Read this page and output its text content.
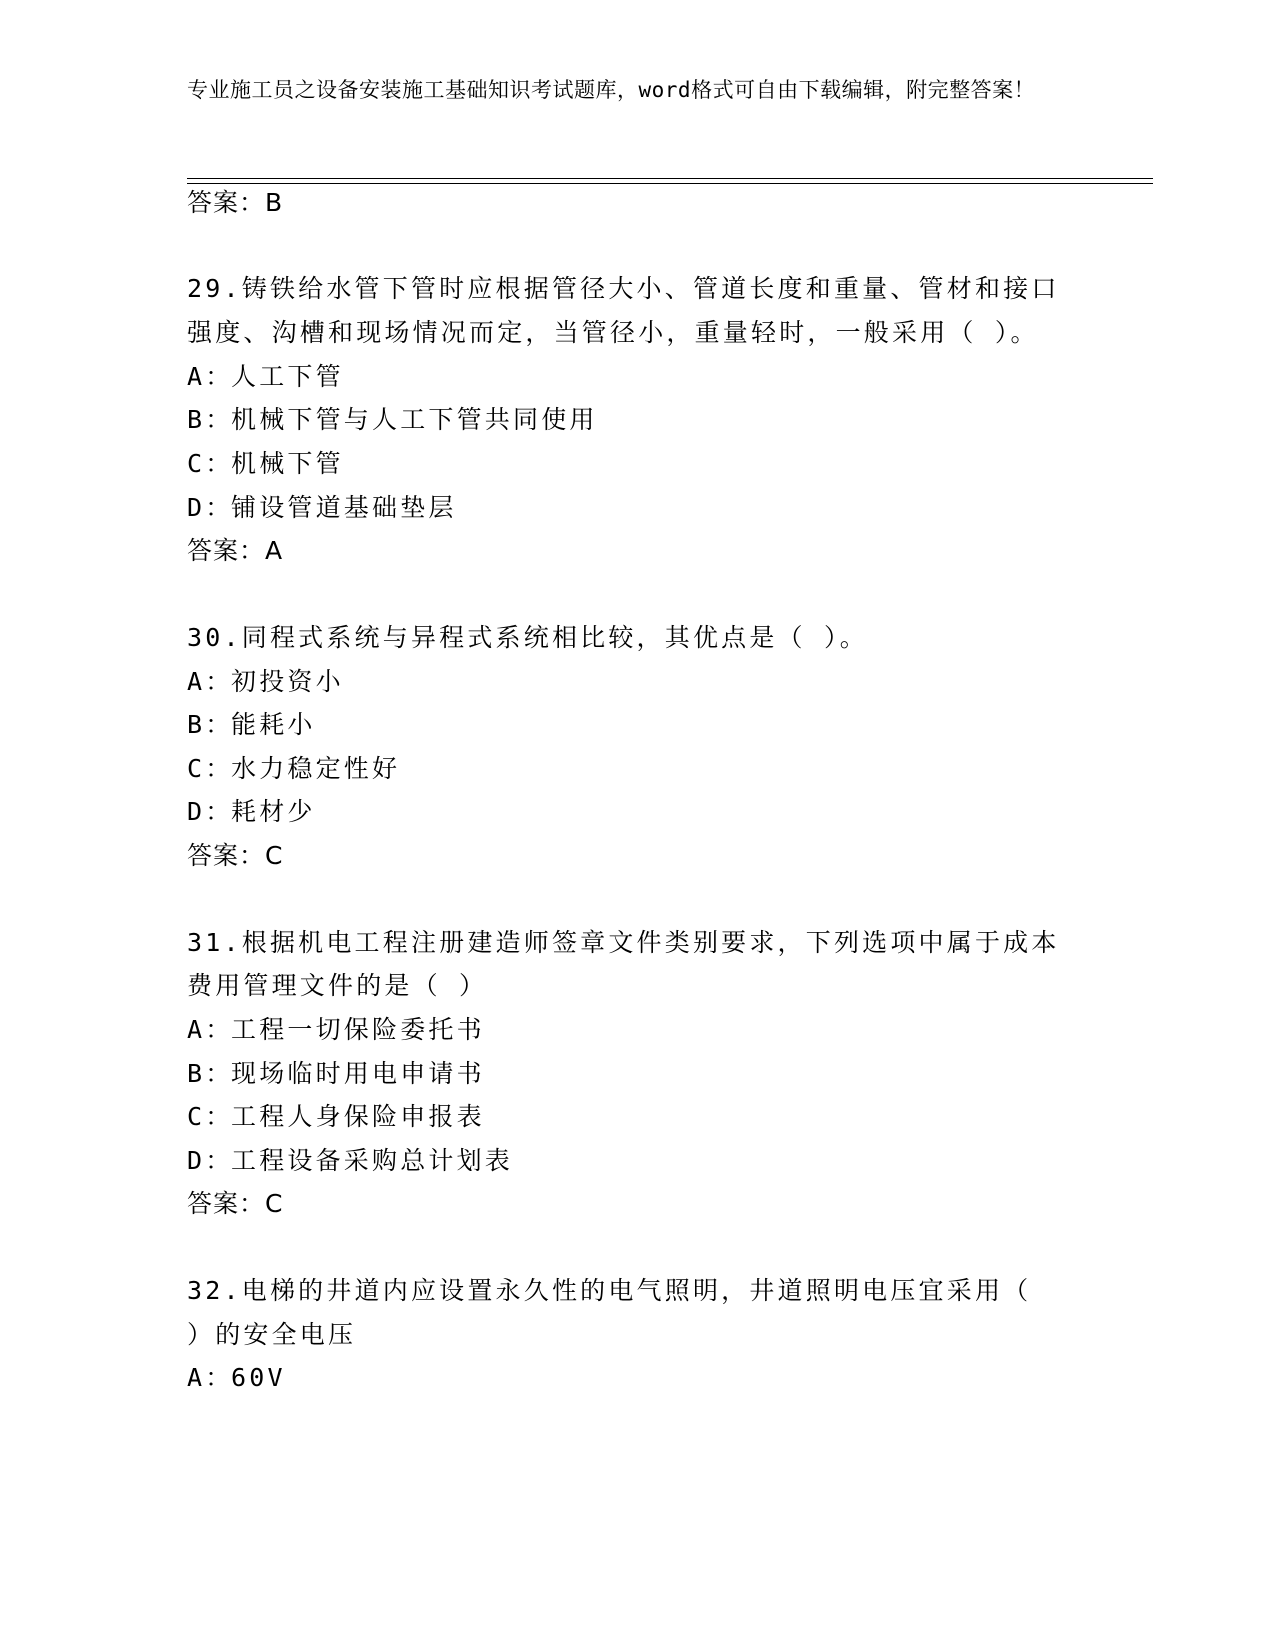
专业施工员之设备安装施工基础知识考试题库，word格式可自由下载编辑，附完整答案！
答案：B
29.铸铁给水管下管时应根据管径大小、管道长度和重量、管材和接口
强度、沟槽和现场情况而定，当管径小，重量轻时，一般采用（ ）。
A：人工下管
B：机械下管与人工下管共同使用
C：机械下管
D：铺设管道基础垫层
答案：A
30.同程式系统与异程式系统相比较，其优点是（ ）。
A：初投资小
B：能耗小
C：水力稳定性好
D：耗材少
答案：C
31.根据机电工程注册建造师签章文件类别要求，下列选项中属于成本
费用管理文件的是（ ）
A：工程一切保险委托书
B：现场临时用电申请书
C：工程人身保险申报表
D：工程设备采购总计划表
答案：C
32.电梯的井道内应设置永久性的电气照明，井道照明电压宜采用（
）的安全电压
A：60V
